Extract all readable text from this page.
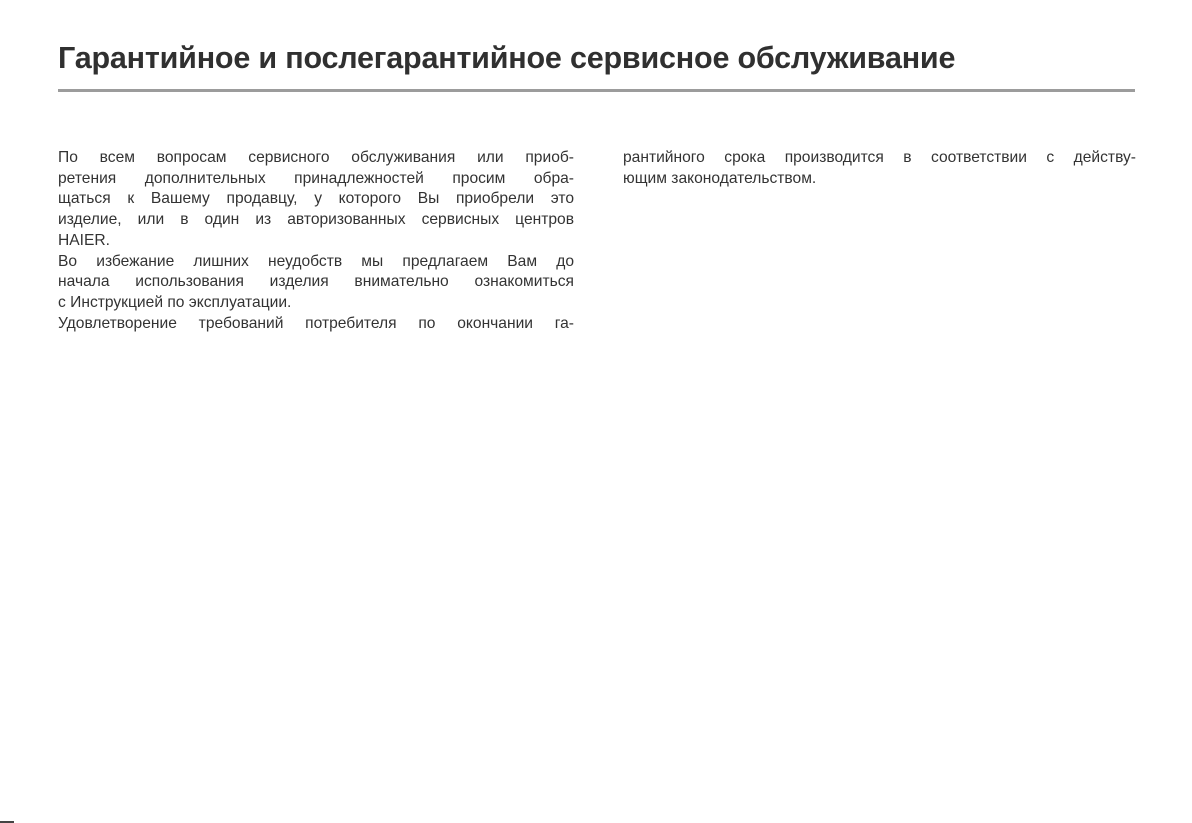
Гарантийное и послегарантийное сервисное обслуживание
По всем вопросам сервисного обслуживания или приоб-
ретения дополнительных принадлежностей просим обра-
щаться к Вашему продавцу, у которого Вы приобрели это
изделие, или в один из авторизованных сервисных центров
HAIER.
Во избежание лишних неудобств мы предлагаем Вам до
начала использования изделия внимательно ознакомиться
с Инструкцией по эксплуатации.
Удовлетворение требований потребителя по окончании га-
рантийного срока производится в соответствии с действу-
ющим законодательством.
